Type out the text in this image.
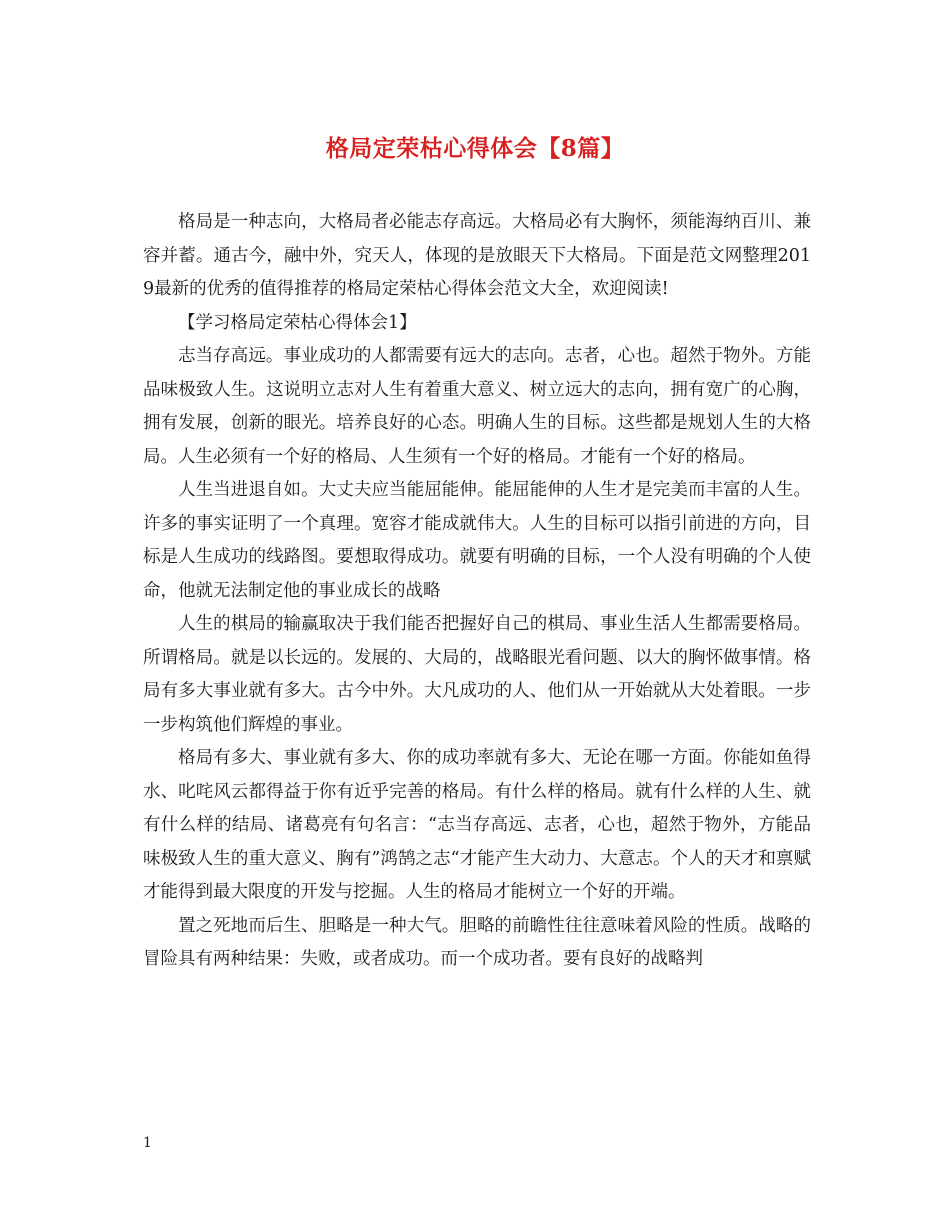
格局定荣枯心得体会【8篇】

格局是一种志向，大格局者必能志存高远。大格局必有大胸怀，须能海纳百川、兼容并蓄。通古今，融中外，究天人，体现的是放眼天下大格局。下面是范文网整理2019最新的优秀的值得推荐的格局定荣枯心得体会范文大全，欢迎阅读!

【学习格局定荣枯心得体会1】

志当存高远。事业成功的人都需要有远大的志向。志者，心也。超然于物外。方能品味极致人生。这说明立志对人生有着重大意义、树立远大的志向，拥有宽广的心胸，拥有发展，创新的眼光。培养良好的心态。明确人生的目标。这些都是规划人生的大格局。人生必须有一个好的格局、人生须有一个好的格局。才能有一个好的格局。

人生当进退自如。大丈夫应当能屈能伸。能屈能伸的人生才是完美而丰富的人生。许多的事实证明了一个真理。宽容才能成就伟大。人生的目标可以指引前进的方向，目标是人生成功的线路图。要想取得成功。就要有明确的目标，一个人没有明确的个人使命，他就无法制定他的事业成长的战略

人生的棋局的输赢取决于我们能否把握好自己的棋局、事业生活人生都需要格局。所谓格局。就是以长远的。发展的、大局的，战略眼光看问题、以大的胸怀做事情。格局有多大事业就有多大。古今中外。大凡成功的人、他们从一开始就从大处着眼。一步一步构筑他们辉煌的事业。

格局有多大、事业就有多大、你的成功率就有多大、无论在哪一方面。你能如鱼得水、叱咤风云都得益于你有近乎完善的格局。有什么样的格局。就有什么样的人生、就有什么样的结局、诸葛亮有句名言：“志当存高远、志者，心也，超然于物外，方能品味极致人生的重大意义、胸有”鸿鹄之志“才能产生大动力、大意志。个人的天才和禀赋才能得到最大限度的开发与挖掘。人生的格局才能树立一个好的开端。

置之死地而后生、胆略是一种大气。胆略的前瞻性往往意味着风险的性质。战略的冒险具有两种结果：失败，或者成功。而一个成功者。要有良好的战略判

1
